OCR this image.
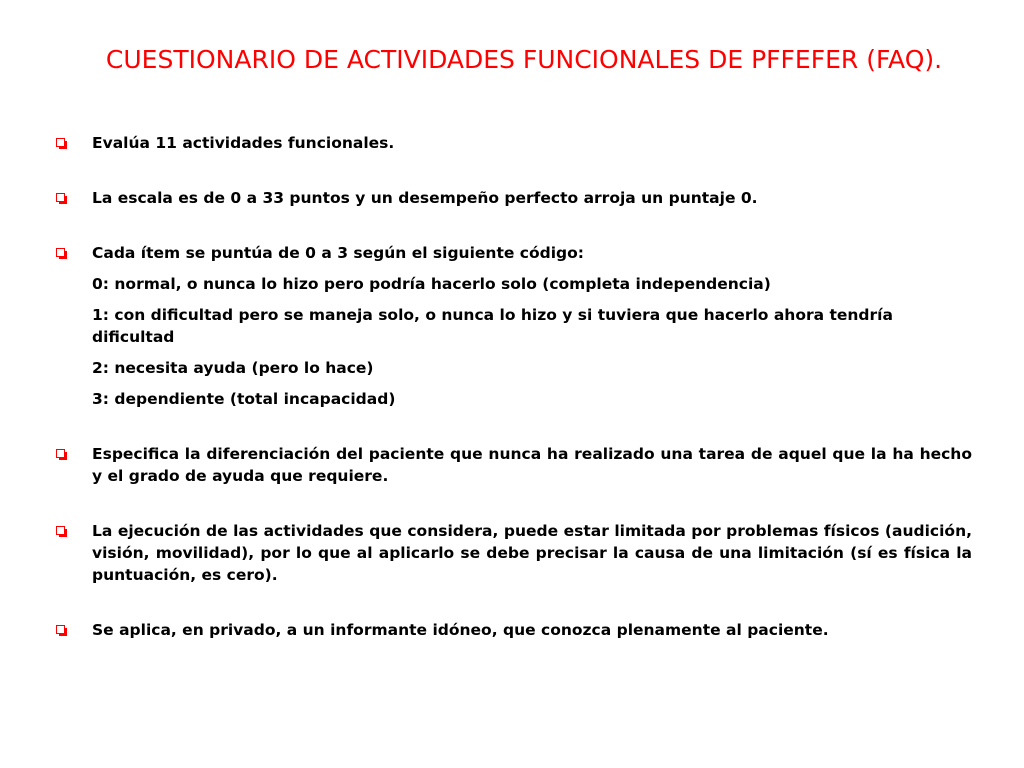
CUESTIONARIO DE ACTIVIDADES FUNCIONALES DE PFFEFER (FAQ).
Evalúa 11 actividades funcionales.
La escala es de 0 a 33 puntos y un desempeño perfecto arroja un puntaje 0.
Cada ítem se puntúa de 0 a 3 según el siguiente código:
0: normal, o nunca lo hizo pero podría hacerlo solo (completa independencia)
1: con dificultad pero se maneja solo, o nunca lo hizo y si tuviera que hacerlo ahora tendría dificultad
2: necesita ayuda (pero lo hace)
3: dependiente (total incapacidad)
Especifica la diferenciación del paciente que nunca ha realizado una tarea de aquel que la ha hecho y el grado de ayuda que requiere.
La ejecución de las actividades que considera, puede estar limitada por problemas físicos (audición, visión, movilidad), por lo que al aplicarlo se debe precisar la causa de una limitación (sí es física la puntuación, es cero).
Se aplica, en privado, a un informante idóneo, que conozca plenamente al paciente.
